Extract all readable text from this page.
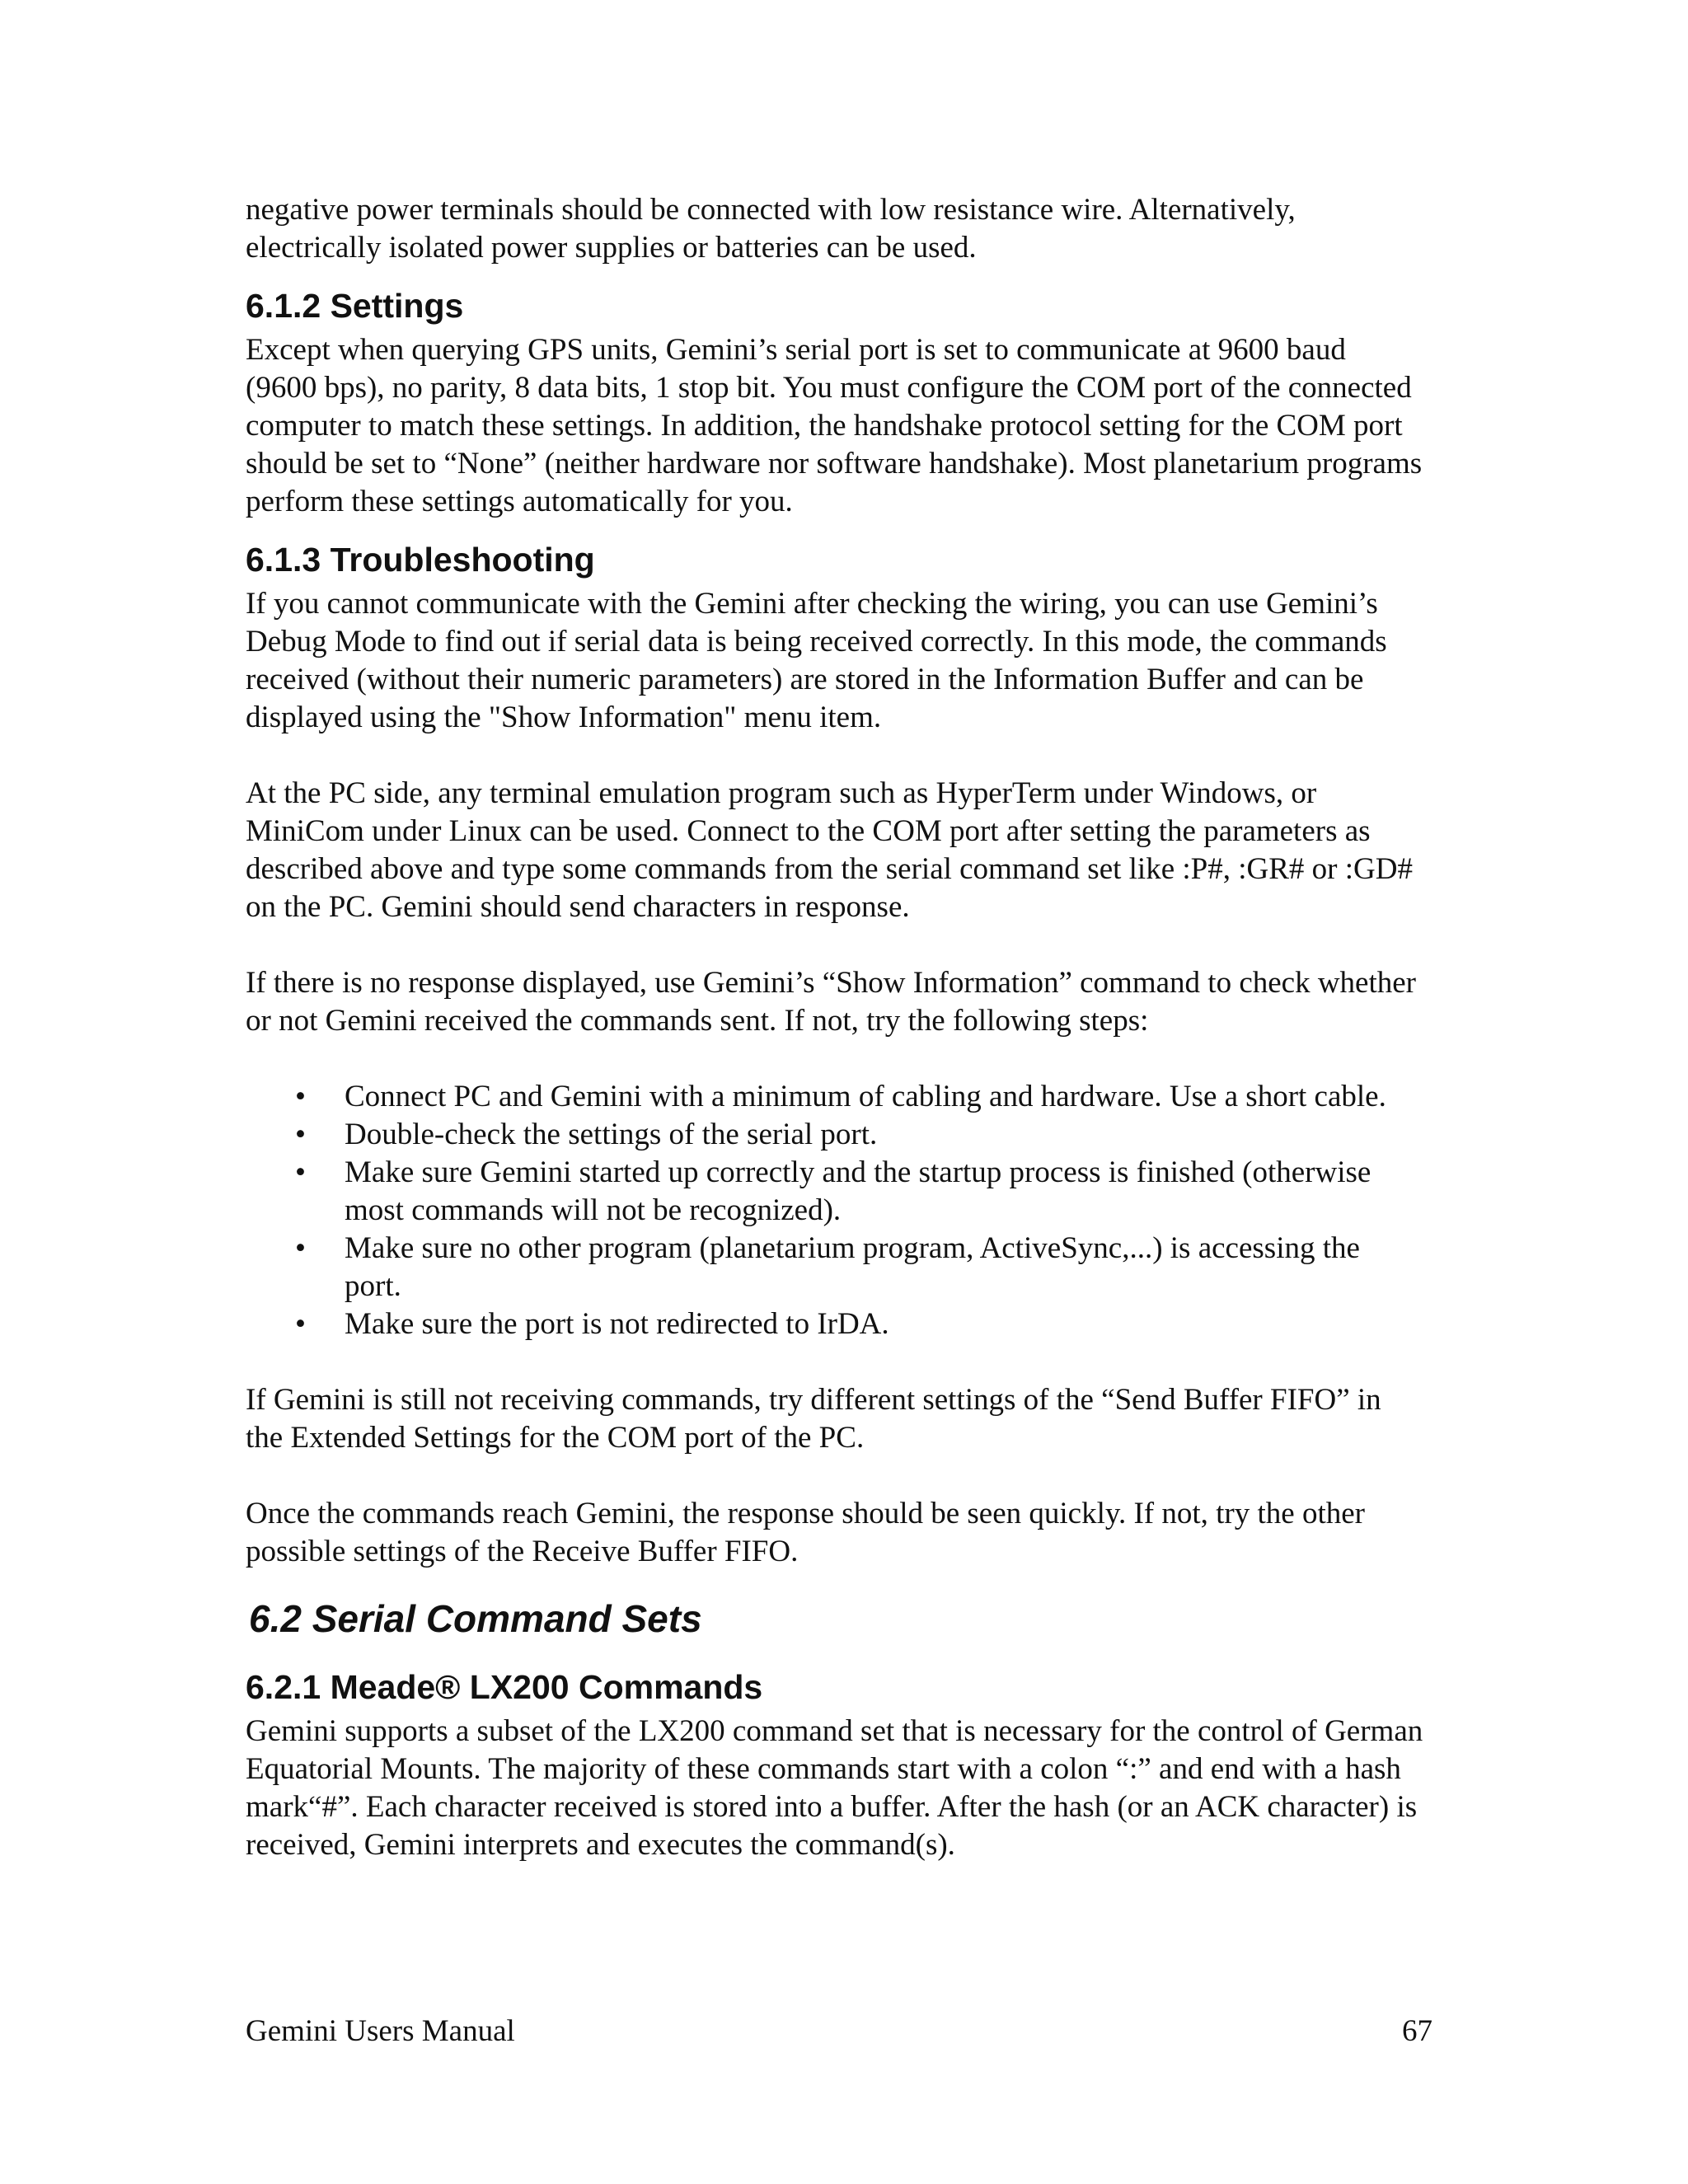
negative power terminals should be connected with low resistance wire. Alternatively, electrically isolated power supplies or batteries can be used.

6.1.2 Settings

Except when querying GPS units, Gemini’s serial port is set to communicate at 9600 baud (9600 bps), no parity, 8 data bits, 1 stop bit. You must configure the COM port of the connected computer to match these settings. In addition, the handshake protocol setting for the COM port should be set to “None” (neither hardware nor software handshake). Most planetarium programs perform these settings automatically for you.

6.1.3 Troubleshooting

If you cannot communicate with the Gemini after checking the wiring, you can use Gemini’s Debug Mode to find out if serial data is being received correctly. In this mode, the commands received (without their numeric parameters) are stored in the Information Buffer and can be displayed using the "Show Information" menu item.

At the PC side, any terminal emulation program such as HyperTerm under Windows, or MiniCom under Linux can be used. Connect to the COM port after setting the parameters as described above and type some commands from the serial command set like :P#, :GR# or :GD# on the PC. Gemini should send characters in response.

If there is no response displayed, use Gemini’s “Show Information” command to check whether or not Gemini received the commands sent. If not, try the following steps:

•	Connect PC and Gemini with a minimum of cabling and hardware. Use a short cable.
•	Double-check the settings of the serial port.
•	Make sure Gemini started up correctly and the startup process is finished (otherwise most commands will not be recognized).
•	Make sure no other program (planetarium program, ActiveSync,...) is accessing the port.
•	Make sure the port is not redirected to IrDA.

If Gemini is still not receiving commands, try different settings of the “Send Buffer FIFO” in the Extended Settings for the COM port of the PC.

Once the commands reach Gemini, the response should be seen quickly. If not, try the other possible settings of the Receive Buffer FIFO.

6.2 Serial Command Sets
6.2.1 Meade® LX200 Commands

Gemini supports a subset of the LX200 command set that is necessary for the control of German Equatorial Mounts. The majority of these commands start with a colon “:” and end with a hash mark“#”. Each character received is stored into a buffer. After the hash (or an ACK character) is received, Gemini interprets and executes the command(s).

Gemini Users Manual	67
